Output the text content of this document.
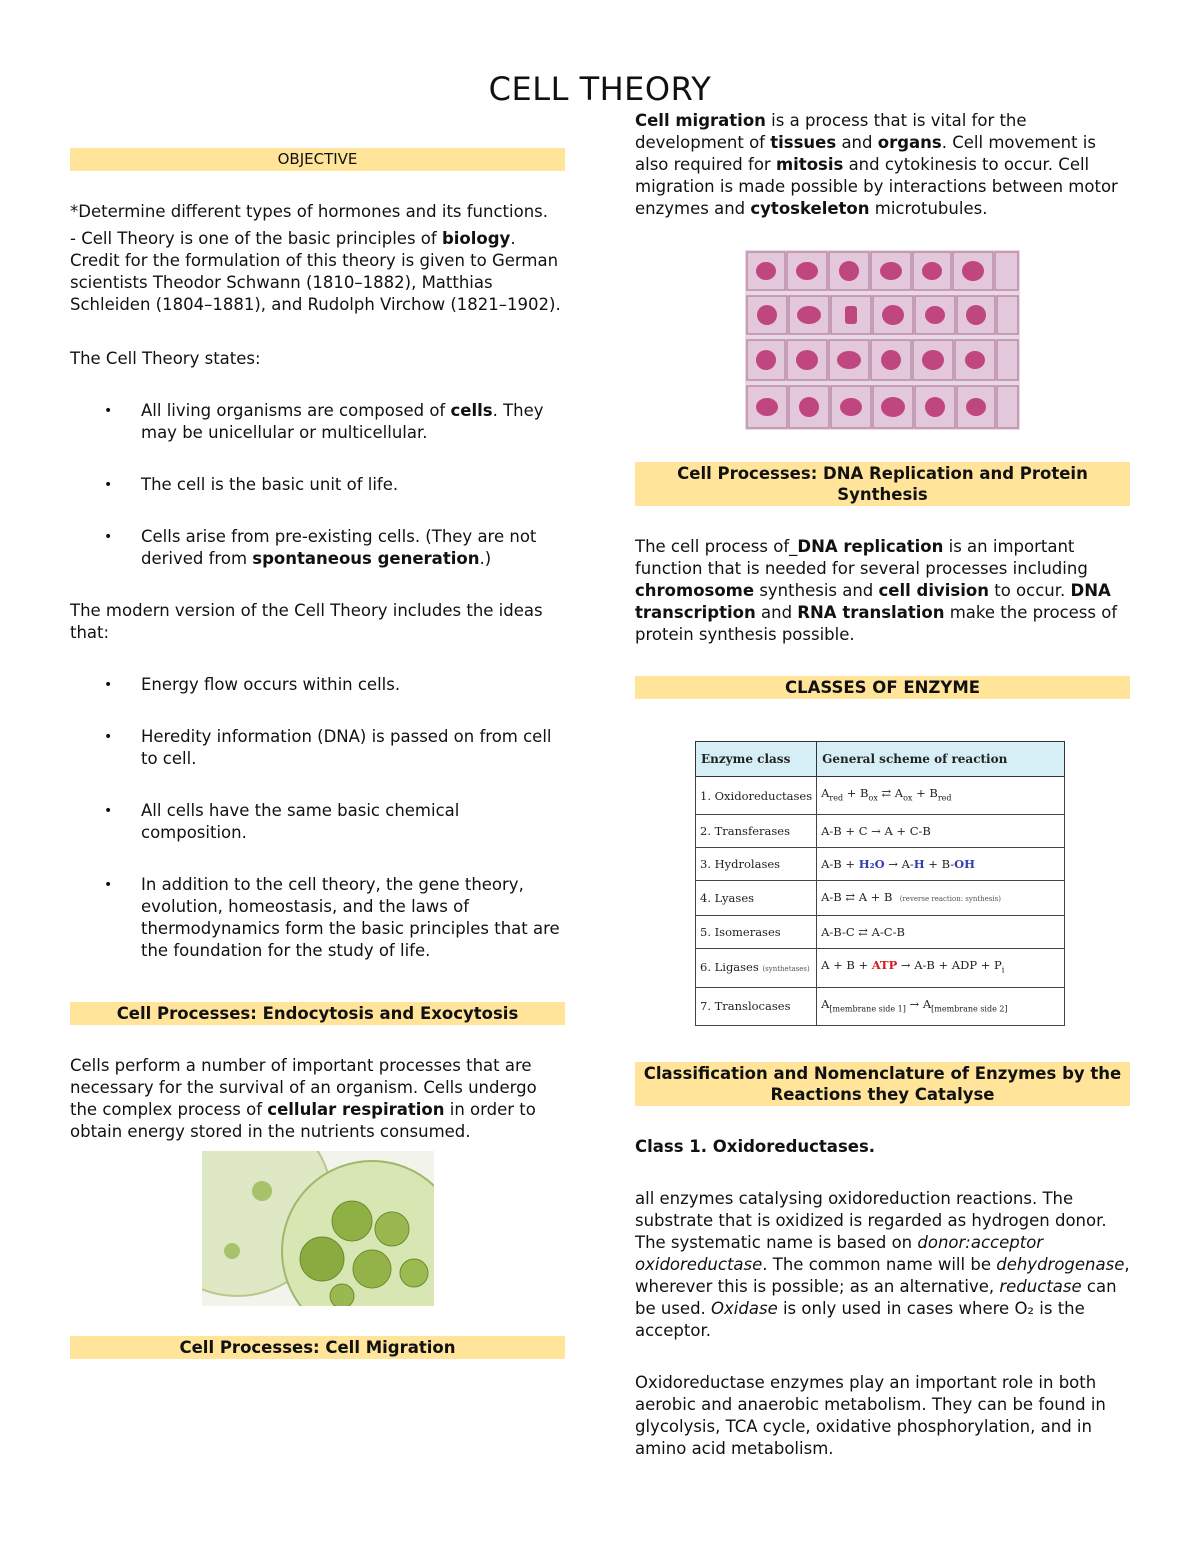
CELL THEORY
OBJECTIVE

*Determine different types of hormones and its functions.

- Cell Theory is one of the basic principles of biology. Credit for the formulation of this theory is given to German scientists Theodor Schwann (1810–1882), Matthias Schleiden (1804–1881), and Rudolph Virchow (1821–1902).

The Cell Theory states:

• All living organisms are composed of cells. They may be unicellular or multicellular.
• The cell is the basic unit of life.
• Cells arise from pre-existing cells. (They are not derived from spontaneous generation.)

The modern version of the Cell Theory includes the ideas that:

• Energy flow occurs within cells.
• Heredity information (DNA) is passed on from cell to cell.
• All cells have the same basic chemical composition.
• In addition to the cell theory, the gene theory, evolution, homeostasis, and the laws of thermodynamics form the basic principles that are the foundation for the study of life.
Cell Processes: Endocytosis and Exocytosis

Cells perform a number of important processes that are necessary for the survival of an organism. Cells undergo the complex process of cellular respiration in order to obtain energy stored in the nutrients consumed.

Cell Processes: Cell Migration

Cell migration is a process that is vital for the development of tissues and organs. Cell movement is also required for mitosis and cytokinesis to occur. Cell migration is made possible by interactions between motor enzymes and cytoskeleton microtubules.

Cell Processes: DNA Replication and Protein Synthesis

The cell process of_DNA replication is an important function that is needed for several processes including chromosome synthesis and cell division to occur. DNA transcription and RNA translation make the process of protein synthesis possible.

CLASSES OF ENZYME
Enzyme class	General scheme of reaction
1. Oxidoreductases	$A_{red} + B_{ox}$ ⇄ $A_{ox} + B_{red}$
2. Transferases	A-B + C → A + C-B
3. Hydrolases	A-B + H₂O → A-H + B-OH
4. Lyases	A-B ⇄ A + B (reverse reaction: synthesis)
5. Isomerases	A-B-C ⇄ A-C-B
6. Ligases (synthetases)	A + B + ATP → A-B + ADP + $P_i$
7. Translocases	$A_{[membrane side 1]} \to A_{[membrane side 2]}$
Classification and Nomenclature of Enzymes by the Reactions they Catalyse

Class 1. Oxidoreductases.

all enzymes catalysing oxidoreduction reactions. The substrate that is oxidized is regarded as hydrogen donor. The systematic name is based on donor:acceptor oxidoreductase. The common name will be dehydrogenase, wherever this is possible; as an alternative, reductase can be used. Oxidase is only used in cases where O₂ is the acceptor.

Oxidoreductase enzymes play an important role in both aerobic and anaerobic metabolism. They can be found in glycolysis, TCA cycle, oxidative phosphorylation, and in amino acid metabolism.
